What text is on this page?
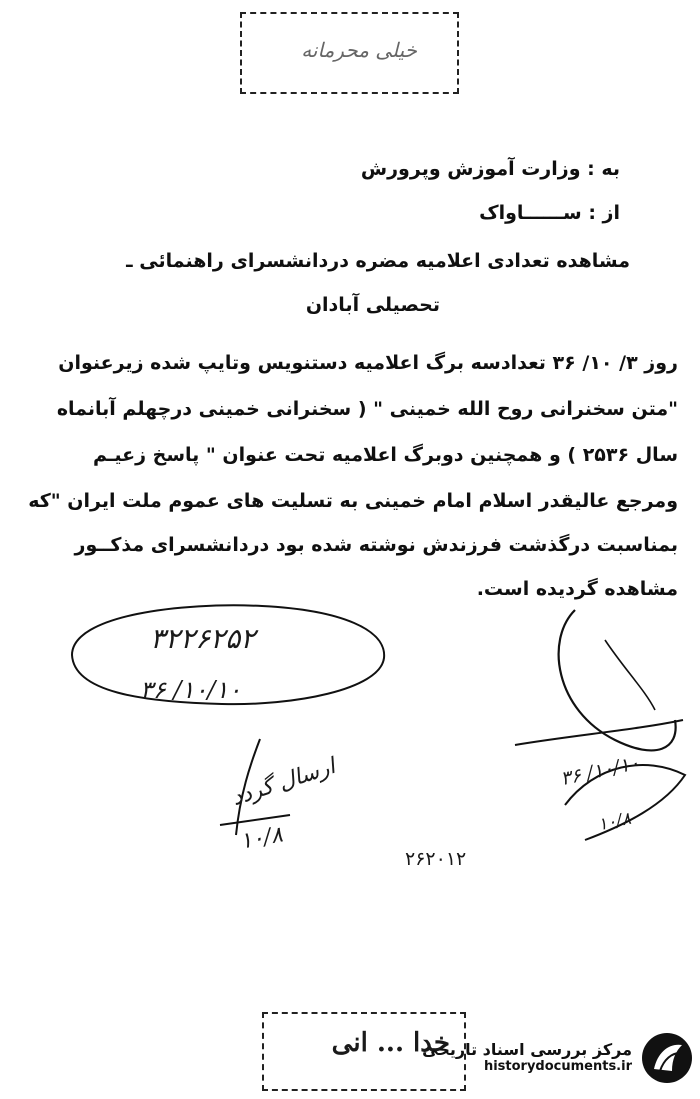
خیلی محرمانه
به : وزارت آموزش وپرورش
از : ســــــاواک
مشاهده تعدادی اعلامیه مضره دردانشسرای راهنمائی ـ
تحصیلی آبادان
روز ۳/ ۱۰/ ۳۶ تعدادسه برگ اعلامیه دستنویس وتایپ شده زیرعنوان
"متن سخنرانی روح الله خمینی " ( سخنرانی خمینی درچهلم آبانماه
سال ۲۵۳۶ ) و همچنین دوبرگ اعلامیه تحت عنوان " پاسخ زعیـم
ومرجع عالیقدر اسلام امام خمینی به تسلیت های عموم ملت ایران "که
بمناسبت درگذشت فرزندش نوشته شده بود دردانشسرای مذکــور
مشاهده گردیده است.
۳۲۲۶۲۵۲
۱۰/۱۰/ ۳۶
ارسال گردد
۱۰/۸
۱۰/۱۰/ ۳۶
۱۰/۸
۲۶۲۰۱۲
خدا ... انی
مرکز بررسی اسناد تاریخی
historydocuments.ir
